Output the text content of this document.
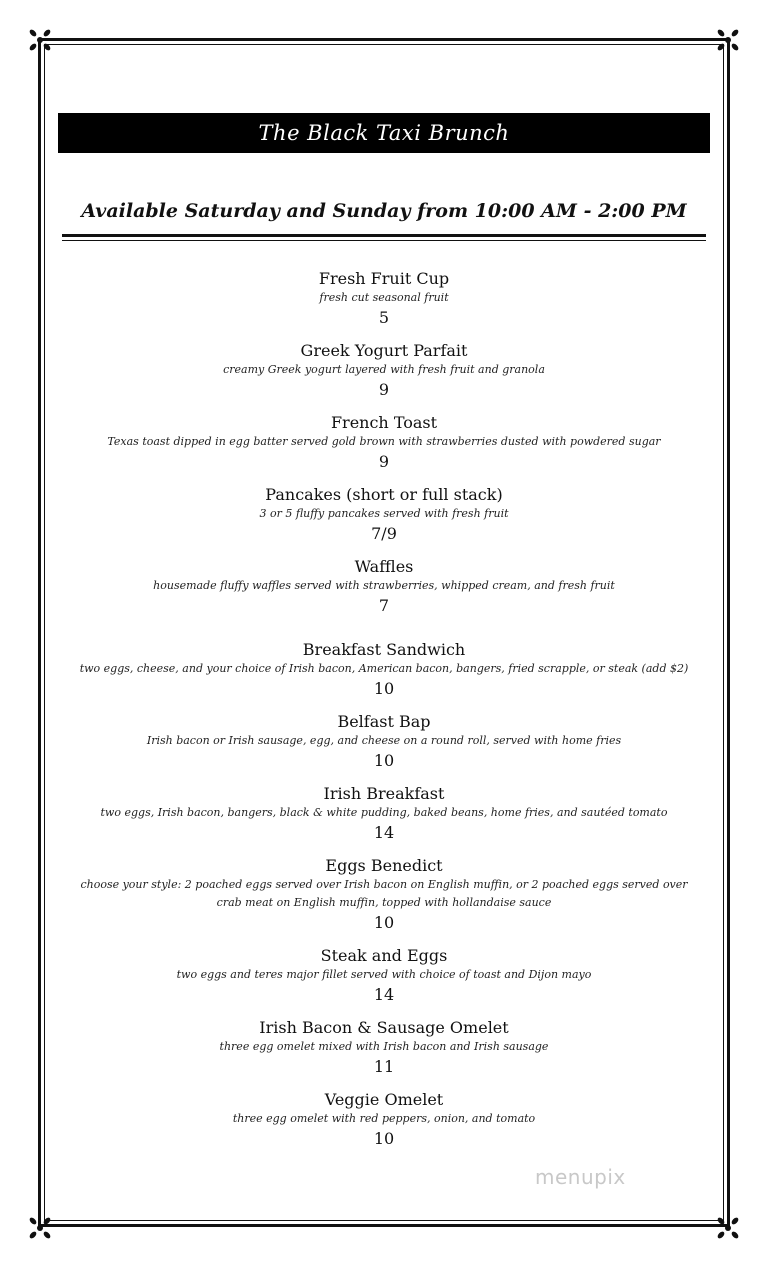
The Black Taxi Brunch
Available Saturday and Sunday from 10:00 AM - 2:00 PM
Fresh Fruit Cup
fresh cut seasonal fruit
5
Greek Yogurt Parfait
creamy Greek yogurt layered with fresh fruit and granola
9
French Toast
Texas toast dipped in egg batter served gold brown with strawberries dusted with powdered sugar
9
Pancakes (short or full stack)
3 or 5 fluffy pancakes served with fresh fruit
7/9
Waffles
housemade fluffy waffles served with strawberries, whipped cream, and fresh fruit
7
Breakfast Sandwich
two eggs, cheese, and your choice of Irish bacon, American bacon, bangers, fried scrapple, or steak (add $2)
10
Belfast Bap
Irish bacon or Irish sausage, egg, and cheese on a round roll, served with home fries
10
Irish Breakfast
two eggs, Irish bacon, bangers, black & white pudding, baked beans, home fries, and sautéed tomato
14
Eggs Benedict
choose your style: 2 poached eggs served over Irish bacon on English muffin, or 2 poached eggs served over crab meat on English muffin, topped with hollandaise sauce
10
Steak and Eggs
two eggs and teres major fillet served with choice of toast and Dijon mayo
14
Irish Bacon & Sausage Omelet
three egg omelet mixed with Irish bacon and Irish sausage
11
Veggie Omelet
three egg omelet with red peppers, onion, and tomato
10
menupix
